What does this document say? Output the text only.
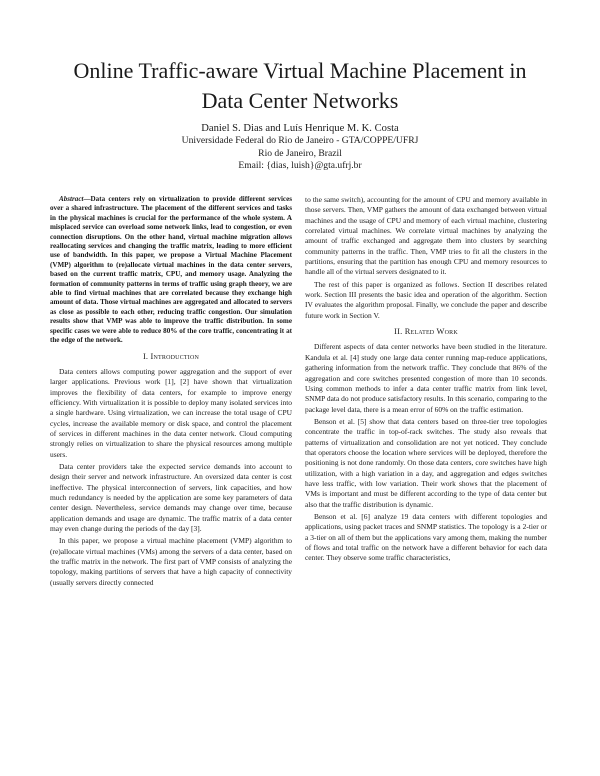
Online Traffic-aware Virtual Machine Placement in
Data Center Networks
Daniel S. Dias and Luís Henrique M. K. Costa
Universidade Federal do Rio de Janeiro - GTA/COPPE/UFRJ
Rio de Janeiro, Brazil
Email: {dias, luish}@gta.ufrj.br

Abstract—Data centers rely on virtualization to provide different services over a shared infrastructure. The placement of the different services and tasks in the physical machines is crucial for the performance of the whole system. A misplaced service can overload some network links, lead to congestion, or even connection disruptions. On the other hand, virtual machine migration allows reallocating services and changing the traffic matrix, leading to more efficient use of bandwidth. In this paper, we propose a Virtual Machine Placement (VMP) algorithm to (re)allocate virtual machines in the data center servers, based on the current traffic matrix, CPU, and memory usage. Analyzing the formation of community patterns in terms of traffic using graph theory, we are able to find virtual machines that are correlated because they exchange high amount of data. Those virtual machines are aggregated and allocated to servers as close as possible to each other, reducing traffic congestion. Our simulation results show that VMP was able to improve the traffic distribution. In some specific cases we were able to reduce 80% of the core traffic, concentrating it at the edge of the network.

I. Introduction

Data centers allows computing power aggregation and the support of ever larger applications. Previous work [1], [2] have shown that virtualization improves the flexibility of data centers, for example to improve energy efficiency. With virtualization it is possible to deploy many isolated services into a single hardware. Using virtualization, we can increase the total usage of CPU cycles, increase the available memory or disk space, and control the placement of services in different machines in the data center network. Cloud computing strongly relies on virtualization to share the physical resources among multiple users.

Data center providers take the expected service demands into account to design their server and network infrastructure. An oversized data center is cost ineffective. The physical interconnection of servers, link capacities, and how much redundancy is needed by the application are some key parameters of data center design. Nevertheless, service demands may change over time, because application demands and usage are dynamic. The traffic matrix of a data center may even change during the periods of the day [3].

In this paper, we propose a virtual machine placement (VMP) algorithm to (re)allocate virtual machines (VMs) among the servers of a data center, based on the traffic matrix in the network. The first part of VMP consists of analyzing the topology, making partitions of servers that have a high capacity of connectivity (usually servers directly connected

to the same switch), accounting for the amount of CPU and memory available in those servers. Then, VMP gathers the amount of data exchanged between virtual machines and the usage of CPU and memory of each virtual machine, clustering correlated virtual machines. We correlate virtual machines by analyzing the amount of traffic exchanged and aggregate them into clusters by searching community patterns in the traffic. Then, VMP tries to fit all the clusters in the partitions, ensuring that the partition has enough CPU and memory resources to handle all of the virtual servers designated to it.

The rest of this paper is organized as follows. Section II describes related work. Section III presents the basic idea and operation of the algorithm. Section IV evaluates the algorithm proposal. Finally, we conclude the paper and describe future work in Section V.

II. Related Work

Different aspects of data center networks have been studied in the literature. Kandula et al. [4] study one large data center running map-reduce applications, gathering information from the network traffic. They conclude that 86% of the aggregation and core switches presented congestion of more than 10 seconds. Using common methods to infer a data center traffic matrix from link level, SNMP data do not produce satisfactory results. In this scenario, comparing to the package level data, there is a mean error of 60% on the traffic estimation.

Benson et al. [5] show that data centers based on three-tier tree topologies concentrate the traffic in top-of-rack switches. The study also reveals that patterns of virtualization and consolidation are not yet noticed. They conclude that operators choose the location where services will be deployed, therefore the positioning is not done randomly. On those data centers, core switches have high utilization, with a high variation in a day, and aggregation and edges switches have less traffic, with low variation. Their work shows that the placement of VMs is important and must be different according to the type of data center but also that the traffic distribution is dynamic.

Benson et al. [6] analyze 19 data centers with different topologies and applications, using packet traces and SNMP statistics. The topology is a 2-tier or a 3-tier on all of them but the applications vary among them, making the number of flows and total traffic on the network have a different behavior for each data center. They observe some traffic characteristics,
